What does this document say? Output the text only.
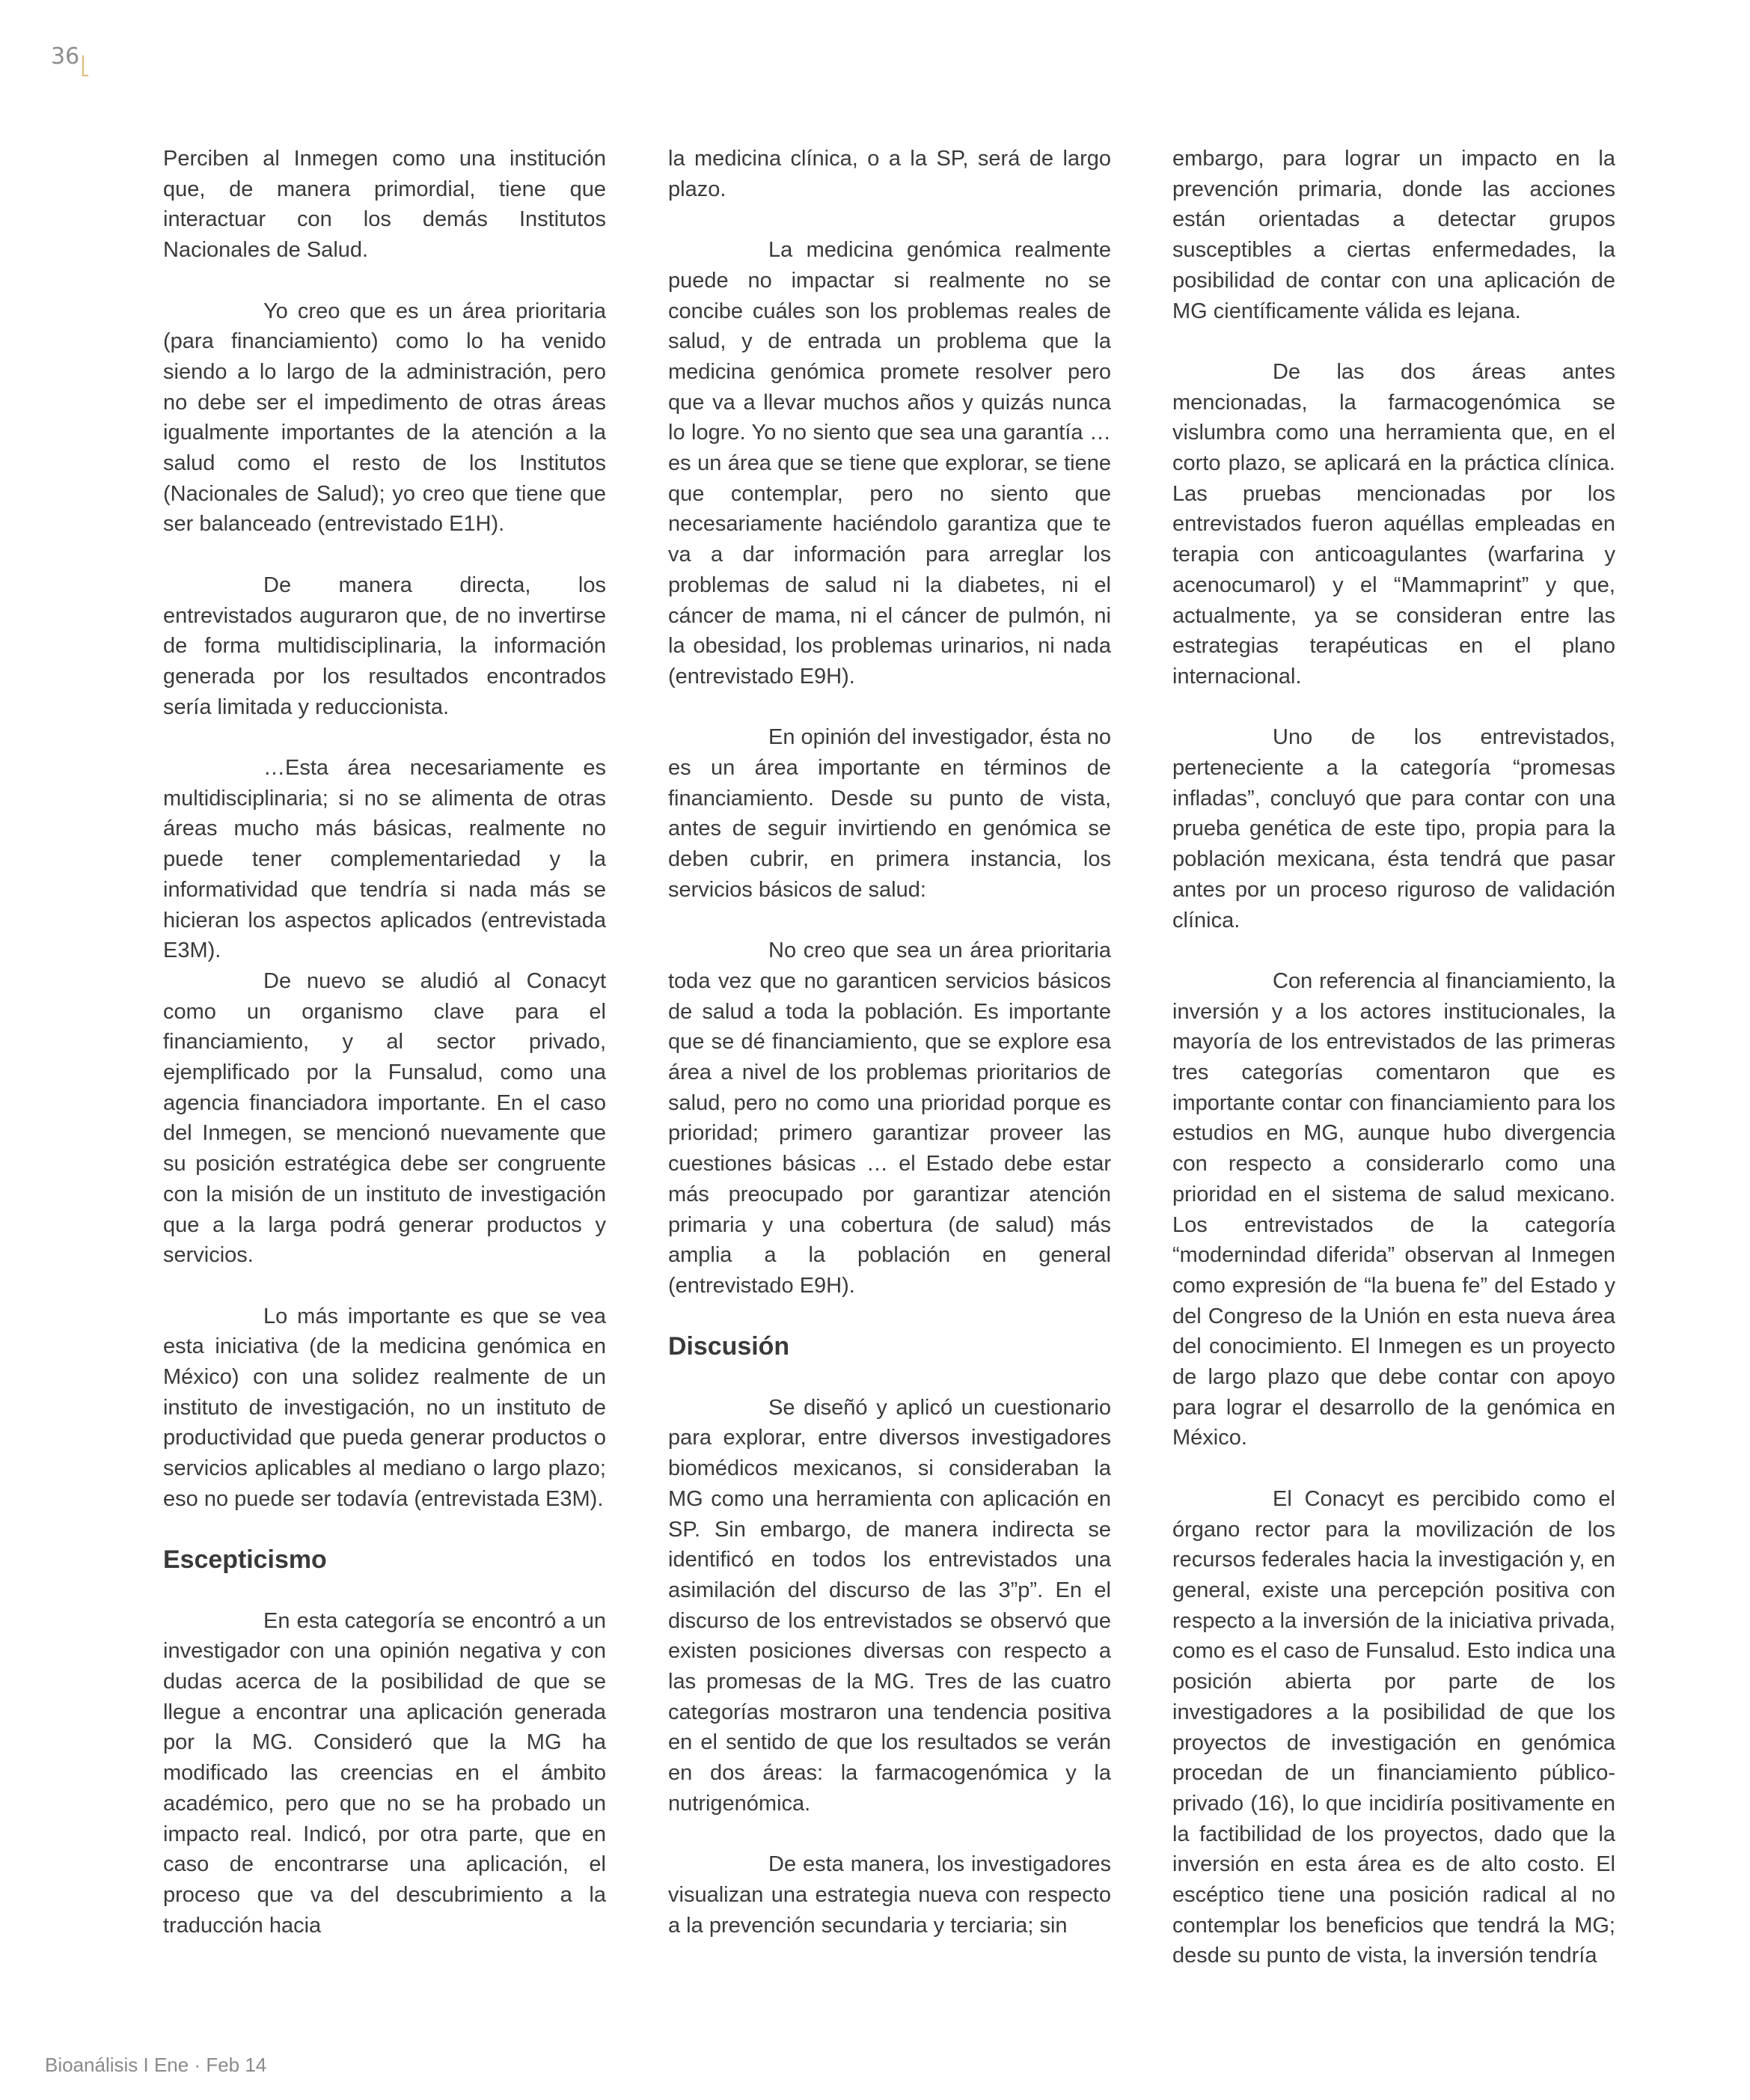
36

Perciben al Inmegen como una institución que, de manera primordial, tiene que interactuar con los demás Institutos Nacionales de Salud.

Yo creo que es un área prioritaria (para financiamiento) como lo ha venido siendo a lo largo de la administración, pero no debe ser el impedimento de otras áreas igualmente importantes de la atención a la salud como el resto de los Institutos (Nacionales de Salud); yo creo que tiene que ser balanceado (entrevistado E1H).

De manera directa, los entrevistados auguraron que, de no invertirse de forma multidisciplinaria, la información generada por los resultados encontrados sería limitada y reduccionista.

…Esta área necesariamente es multidisciplinaria; si no se alimenta de otras áreas mucho más básicas, realmente no puede tener complementariedad y la informatividad que tendría si nada más se hicieran los aspectos aplicados (entrevistada E3M).

De nuevo se aludió al Conacyt como un organismo clave para el financiamiento, y al sector privado, ejemplificado por la Funsalud, como una agencia financiadora importante. En el caso del Inmegen, se mencionó nuevamente que su posición estratégica debe ser congruente con la misión de un instituto de investigación que a la larga podrá generar productos y servicios.

Lo más importante es que se vea esta iniciativa (de la medicina genómica en México) con una solidez realmente de un instituto de investigación, no un instituto de productividad que pueda generar productos o servicios aplicables al mediano o largo plazo; eso no puede ser todavía (entrevistada E3M).

Escepticismo

En esta categoría se encontró a un investigador con una opinión negativa y con dudas acerca de la posibilidad de que se llegue a encontrar una aplicación generada por la MG. Consideró que la MG ha modificado las creencias en el ámbito académico, pero que no se ha probado un impacto real. Indicó, por otra parte, que en caso de encontrarse una aplicación, el proceso que va del descubrimiento a la traducción hacia

la medicina clínica, o a la SP, será de largo plazo.

La medicina genómica realmente puede no impactar si realmente no se concibe cuáles son los problemas reales de salud, y de entrada un problema que la medicina genómica promete resolver pero que va a llevar muchos años y quizás nunca lo logre. Yo no siento que sea una garantía … es un área que se tiene que explorar, se tiene que contemplar, pero no siento que necesariamente haciéndolo garantiza que te va a dar información para arreglar los problemas de salud ni la diabetes, ni el cáncer de mama, ni el cáncer de pulmón, ni la obesidad, los problemas urinarios, ni nada (entrevistado E9H).

En opinión del investigador, ésta no es un área importante en términos de financiamiento. Desde su punto de vista, antes de seguir invirtiendo en genómica se deben cubrir, en primera instancia, los servicios básicos de salud:

No creo que sea un área prioritaria toda vez que no garanticen servicios básicos de salud a toda la población. Es importante que se dé financiamiento, que se explore esa área a nivel de los problemas prioritarios de salud, pero no como una prioridad porque es prioridad; primero garantizar proveer las cuestiones básicas … el Estado debe estar más preocupado por garantizar atención primaria y una cobertura (de salud) más amplia a la población en general (entrevistado E9H).

Discusión

Se diseñó y aplicó un cuestionario para explorar, entre diversos investigadores biomédicos mexicanos, si consideraban la MG como una herramienta con aplicación en SP. Sin embargo, de manera indirecta se identificó en todos los entrevistados una asimilación del discurso de las 3”p”. En el discurso de los entrevistados se observó que existen posiciones diversas con respecto a las promesas de la MG. Tres de las cuatro categorías mostraron una tendencia positiva en el sentido de que los resultados se verán en dos áreas: la farmacogenómica y la nutrigenómica.

De esta manera, los investigadores visualizan una estrategia nueva con respecto a la prevención secundaria y terciaria; sin

embargo, para lograr un impacto en la prevención primaria, donde las acciones están orientadas a detectar grupos susceptibles a ciertas enfermedades, la posibilidad de contar con una aplicación de MG científicamente válida es lejana.

De las dos áreas antes mencionadas, la farmacogenómica se vislumbra como una herramienta que, en el corto plazo, se aplicará en la práctica clínica. Las pruebas mencionadas por los entrevistados fueron aquéllas empleadas en terapia con anticoagulantes (warfarina y acenocumarol) y el “Mammaprint” y que, actualmente, ya se consideran entre las estrategias terapéuticas en el plano internacional.

Uno de los entrevistados, perteneciente a la categoría “promesas infladas”, concluyó que para contar con una prueba genética de este tipo, propia para la población mexicana, ésta tendrá que pasar antes por un proceso riguroso de validación clínica.

Con referencia al financiamiento, la inversión y a los actores institucionales, la mayoría de los entrevistados de las primeras tres categorías comentaron que es importante contar con financiamiento para los estudios en MG, aunque hubo divergencia con respecto a considerarlo como una prioridad en el sistema de salud mexicano. Los entrevistados de la categoría “modernindad diferida” observan al Inmegen como expresión de “la buena fe” del Estado y del Congreso de la Unión en esta nueva área del conocimiento. El Inmegen es un proyecto de largo plazo que debe contar con apoyo para lograr el desarrollo de la genómica en México.

El Conacyt es percibido como el órgano rector para la movilización de los recursos federales hacia la investigación y, en general, existe una percepción positiva con respecto a la inversión de la iniciativa privada, como es el caso de Funsalud. Esto indica una posición abierta por parte de los investigadores a la posibilidad de que los proyectos de investigación en genómica procedan de un financiamiento público-privado (16), lo que incidiría positivamente en la factibilidad de los proyectos, dado que la inversión en esta área es de alto costo. El escéptico tiene una posición radical al no contemplar los beneficios que tendrá la MG; desde su punto de vista, la inversión tendría

Bioanálisis I Ene · Feb 14
